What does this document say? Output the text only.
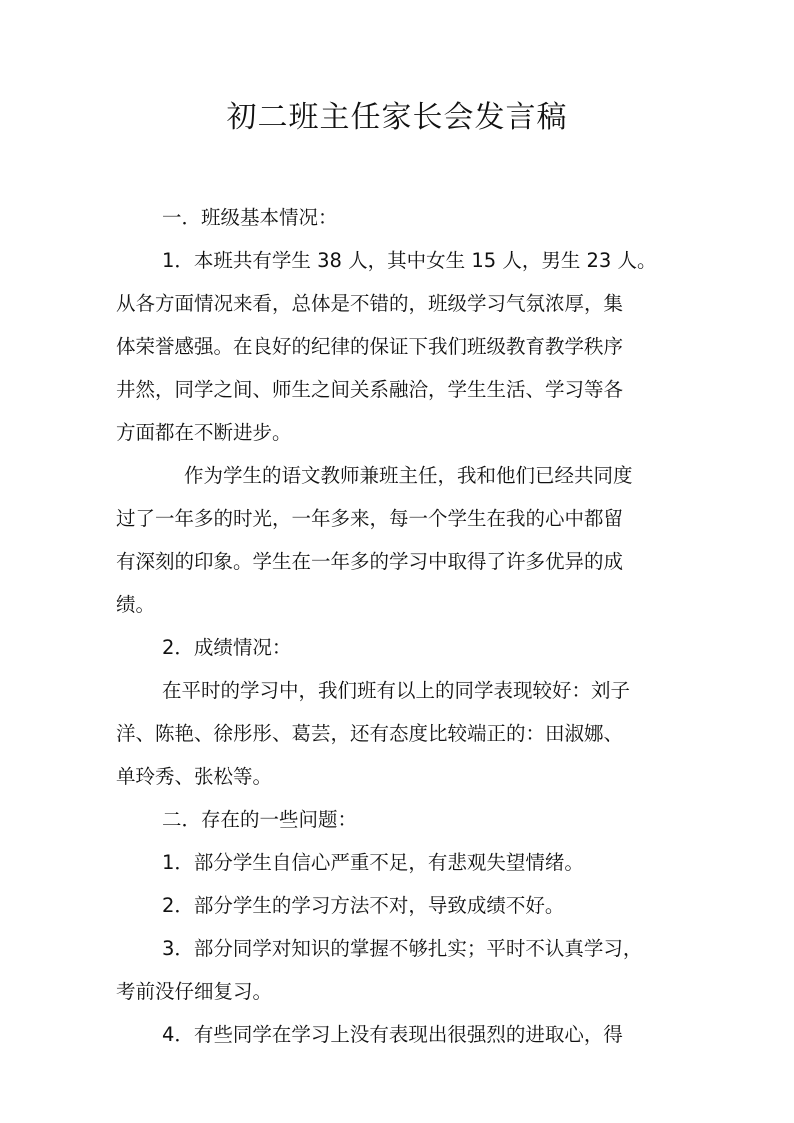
初二班主任家长会发言稿
一．班级基本情况：
1．本班共有学生 38 人，其中女生 15 人，男生 23 人。
从各方面情况来看，总体是不错的，班级学习气氛浓厚，集
体荣誉感强。在良好的纪律的保证下我们班级教育教学秩序
井然，同学之间、师生之间关系融洽，学生生活、学习等各
方面都在不断进步。
作为学生的语文教师兼班主任，我和他们已经共同度
过了一年多的时光，一年多来，每一个学生在我的心中都留
有深刻的印象。学生在一年多的学习中取得了许多优异的成
绩。
2．成绩情况：
在平时的学习中，我们班有以上的同学表现较好：刘子
洋、陈艳、徐彤彤、葛芸，还有态度比较端正的：田淑娜、
单玲秀、张松等。
二．存在的一些问题：
1．部分学生自信心严重不足，有悲观失望情绪。
2．部分学生的学习方法不对，导致成绩不好。
3．部分同学对知识的掌握不够扎实；平时不认真学习，
考前没仔细复习。
4．有些同学在学习上没有表现出很强烈的进取心，得
